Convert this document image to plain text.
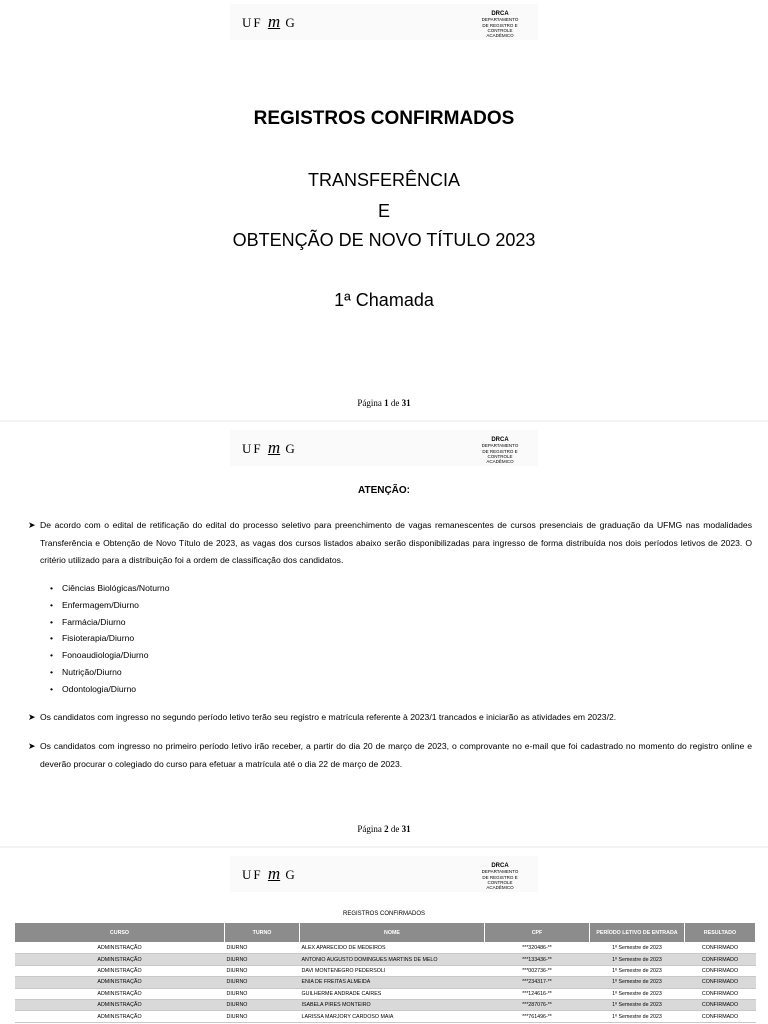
UF m G
DRCA
DEPARTAMENTO
DE REGISTRO E
CONTROLE ACADÊMICO
REGISTROS CONFIRMADOS
TRANSFERÊNCIA
E
OBTENÇÃO DE NOVO TÍTULO 2023
1ª Chamada
Página 1 de 31
UF m G
DRCA
DEPARTAMENTO
DE REGISTRO E
CONTROLE ACADÊMICO
ATENÇÃO:
➤ De acordo com o edital de retificação do edital do processo seletivo para preenchimento de vagas remanescentes de cursos presenciais de graduação da UFMG nas modalidades Transferência e Obtenção de Novo Título de 2023, as vagas dos cursos listados abaixo serão disponibilizadas para ingresso de forma distribuída nos dois períodos letivos de 2023. O critério utilizado para a distribuição foi a ordem de classificação dos candidatos.
• Ciências Biológicas/Noturno
• Enfermagem/Diurno
• Farmácia/Diurno
• Fisioterapia/Diurno
• Fonoaudiologia/Diurno
• Nutrição/Diurno
• Odontologia/Diurno
➤ Os candidatos com ingresso no segundo período letivo terão seu registro e matrícula referente à 2023/1 trancados e iniciarão as atividades em 2023/2.
➤ Os candidatos com ingresso no primeiro período letivo irão receber, a partir do dia 20 de março de 2023, o comprovante no e-mail que foi cadastrado no momento do registro online e deverão procurar o colegiado do curso para efetuar a matrícula até o dia 22 de março de 2023.
Página 2 de 31
UF m G
DRCA
DEPARTAMENTO
DE REGISTRO E
CONTROLE ACADÊMICO
REGISTROS CONFIRMADOS
CURSO	TURNO	NOME	CPF	PERÍODO LETIVO DE ENTRADA	RESULTADO
ADMINISTRAÇÃO	DIURNO	ALEX APARECIDO DE MEDEIROS	***320486-**	1º Semestre de 2023	CONFIRMADO
ADMINISTRAÇÃO	DIURNO	ANTONIO AUGUSTO DOMINGUES MARTINS DE MELO	***133436-**	1º Semestre de 2023	CONFIRMADO
ADMINISTRAÇÃO	DIURNO	DAVI MONTENEGRO PEDERSOLI	***002736-**	1º Semestre de 2023	CONFIRMADO
ADMINISTRAÇÃO	DIURNO	ENIA DE FREITAS ALMEIDA	***234317-**	1º Semestre de 2023	CONFIRMADO
ADMINISTRAÇÃO	DIURNO	GUILHERME ANDRADE CAIRES	***124616-**	1º Semestre de 2023	CONFIRMADO
ADMINISTRAÇÃO	DIURNO	ISABELA PIRES MONTEIRO	***287076-**	1º Semestre de 2023	CONFIRMADO
ADMINISTRAÇÃO	DIURNO	LARISSA MARJORY CARDOSO MAIA	***761496-**	1º Semestre de 2023	CONFIRMADO
